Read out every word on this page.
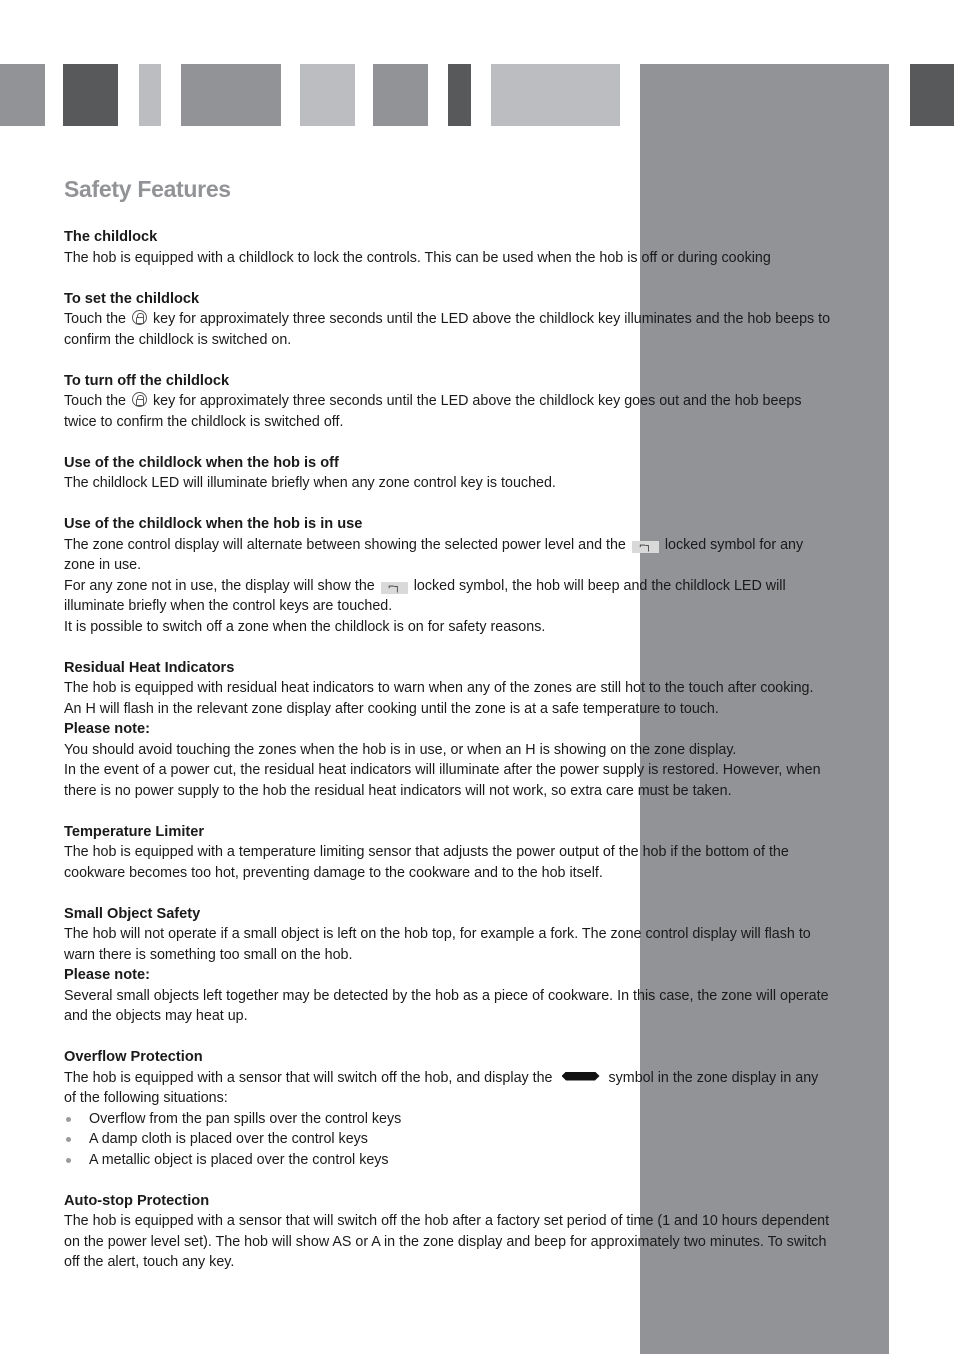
Safety Features

The childlock

The hob is equipped with a childlock to lock the controls. This can be used when the hob is off or during cooking

To set the childlock

Touch the key for approximately three seconds until the LED above the childlock key illuminates and the hob beeps to confirm the childlock is switched on.

To turn off the childlock

Touch the key for approximately three seconds until the LED above the childlock key goes out and the hob beeps twice to confirm the childlock is switched off.

Use of the childlock when the hob is off

The childlock LED will illuminate briefly when any zone control key is touched.

Use of the childlock when the hob is in use

The zone control display will alternate between showing the selected power level and the ⌐┐ locked symbol for any zone in use.

For any zone not in use, the display will show the ⌐┐ locked symbol, the hob will beep and the childlock LED will illuminate briefly when the control keys are touched.

It is possible to switch off a zone when the childlock is on for safety reasons.

Residual Heat Indicators

The hob is equipped with residual heat indicators to warn when any of the zones are still hot to the touch after cooking.

An H will flash in the relevant zone display after cooking until the zone is at a safe temperature to touch.

Please note:

You should avoid touching the zones when the hob is in use, or when an H is showing on the zone display.

In the event of a power cut, the residual heat indicators will illuminate after the power supply is restored. However, when there is no power supply to the hob the residual heat indicators will not work, so extra care must be taken.

Temperature Limiter

The hob is equipped with a temperature limiting sensor that adjusts the power output of the hob if the bottom of the cookware becomes too hot, preventing damage to the cookware and to the hob itself.

Small Object Safety

The hob will not operate if a small object is left on the hob top, for example a fork. The zone control display will flash to warn there is something too small on the hob.

Please note:

Several small objects left together may be detected by the hob as a piece of cookware. In this case, the zone will operate and the objects may heat up.

Overflow Protection

The hob is equipped with a sensor that will switch off the hob, and display the	symbol in the zone display in any of the following situations:

Overflow from the pan spills over the control keys
A damp cloth is placed over the control keys
A metallic object is placed over the control keys

Auto-stop Protection

The hob is equipped with a sensor that will switch off the hob after a factory set period of time (1 and 10 hours dependent on the power level set). The hob will show AS or A in the zone display and beep for approximately two minutes. To switch off the alert, touch any key.
